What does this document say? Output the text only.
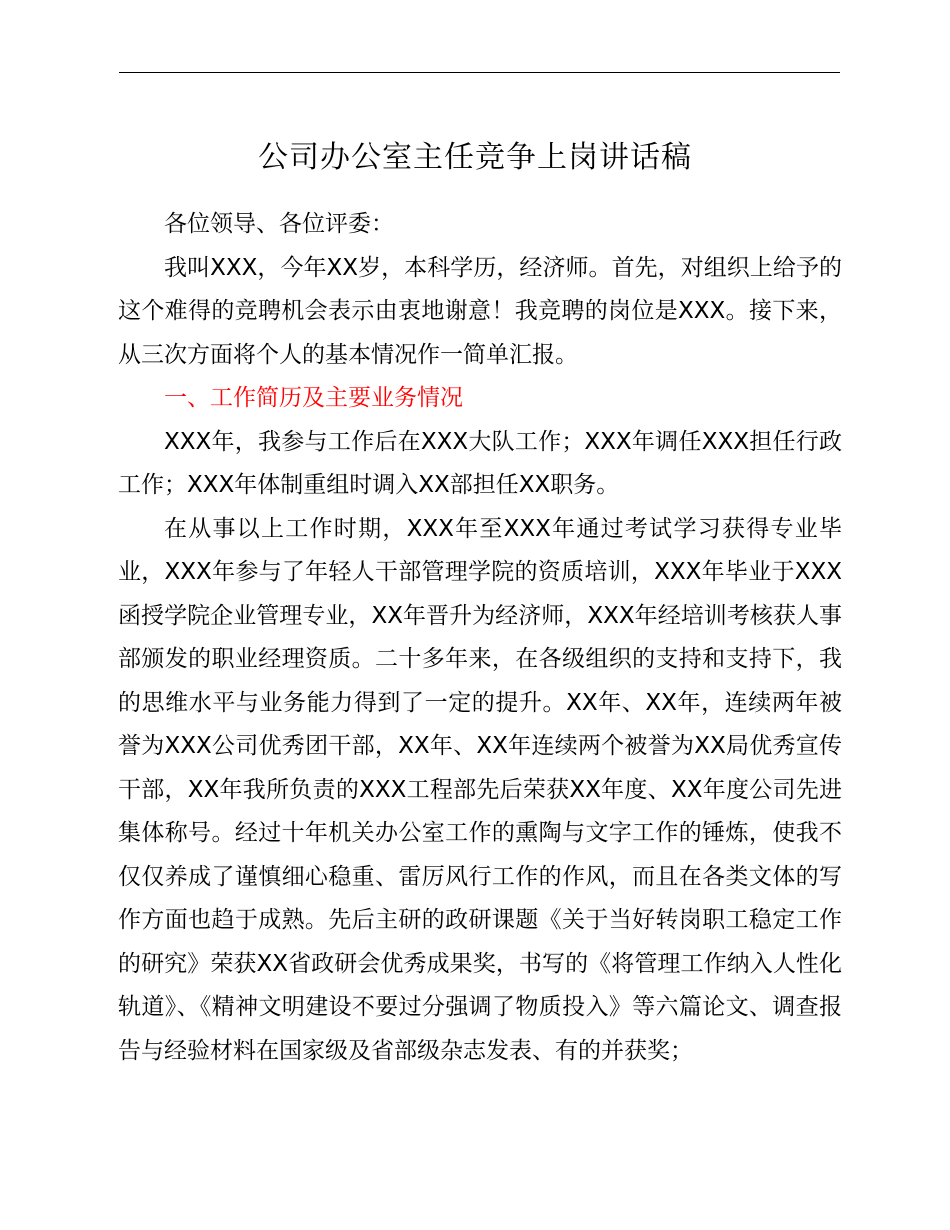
公司办公室主任竞争上岗讲话稿

各位领导、各位评委：

我叫XXX，今年XX岁，本科学历，经济师。首先，对组织上给予的这个难得的竞聘机会表示由衷地谢意！我竞聘的岗位是XXX。接下来，从三次方面将个人的基本情况作一简单汇报。

一、工作简历及主要业务情况

XXX年，我参与工作后在XXX大队工作；XXX年调任XXX担任行政工作；XXX年体制重组时调入XX部担任XX职务。

在从事以上工作时期，XXX年至XXX年通过考试学习获得专业毕业，XXX年参与了年轻人干部管理学院的资质培训，XXX年毕业于XXX函授学院企业管理专业，XX年晋升为经济师，XXX年经培训考核获人事部颁发的职业经理资质。二十多年来，在各级组织的支持和支持下，我的思维水平与业务能力得到了一定的提升。XX年、XX年，连续两年被誉为XXX公司优秀团干部，XX年、XX年连续两个被誉为XX局优秀宣传干部，XX年我所负责的XXX工程部先后荣获XX年度、XX年度公司先进集体称号。经过十年机关办公室工作的熏陶与文字工作的锤炼，使我不仅仅养成了谨慎细心稳重、雷厉风行工作的作风，而且在各类文体的写作方面也趋于成熟。先后主研的政研课题《关于当好转岗职工稳定工作的研究》荣获XX省政研会优秀成果奖，书写的《将管理工作纳入人性化轨道》、《精神文明建设不要过分强调了物质投入》等六篇论文、调查报告与经验材料在国家级及省部级杂志发表、有的并获奖；
